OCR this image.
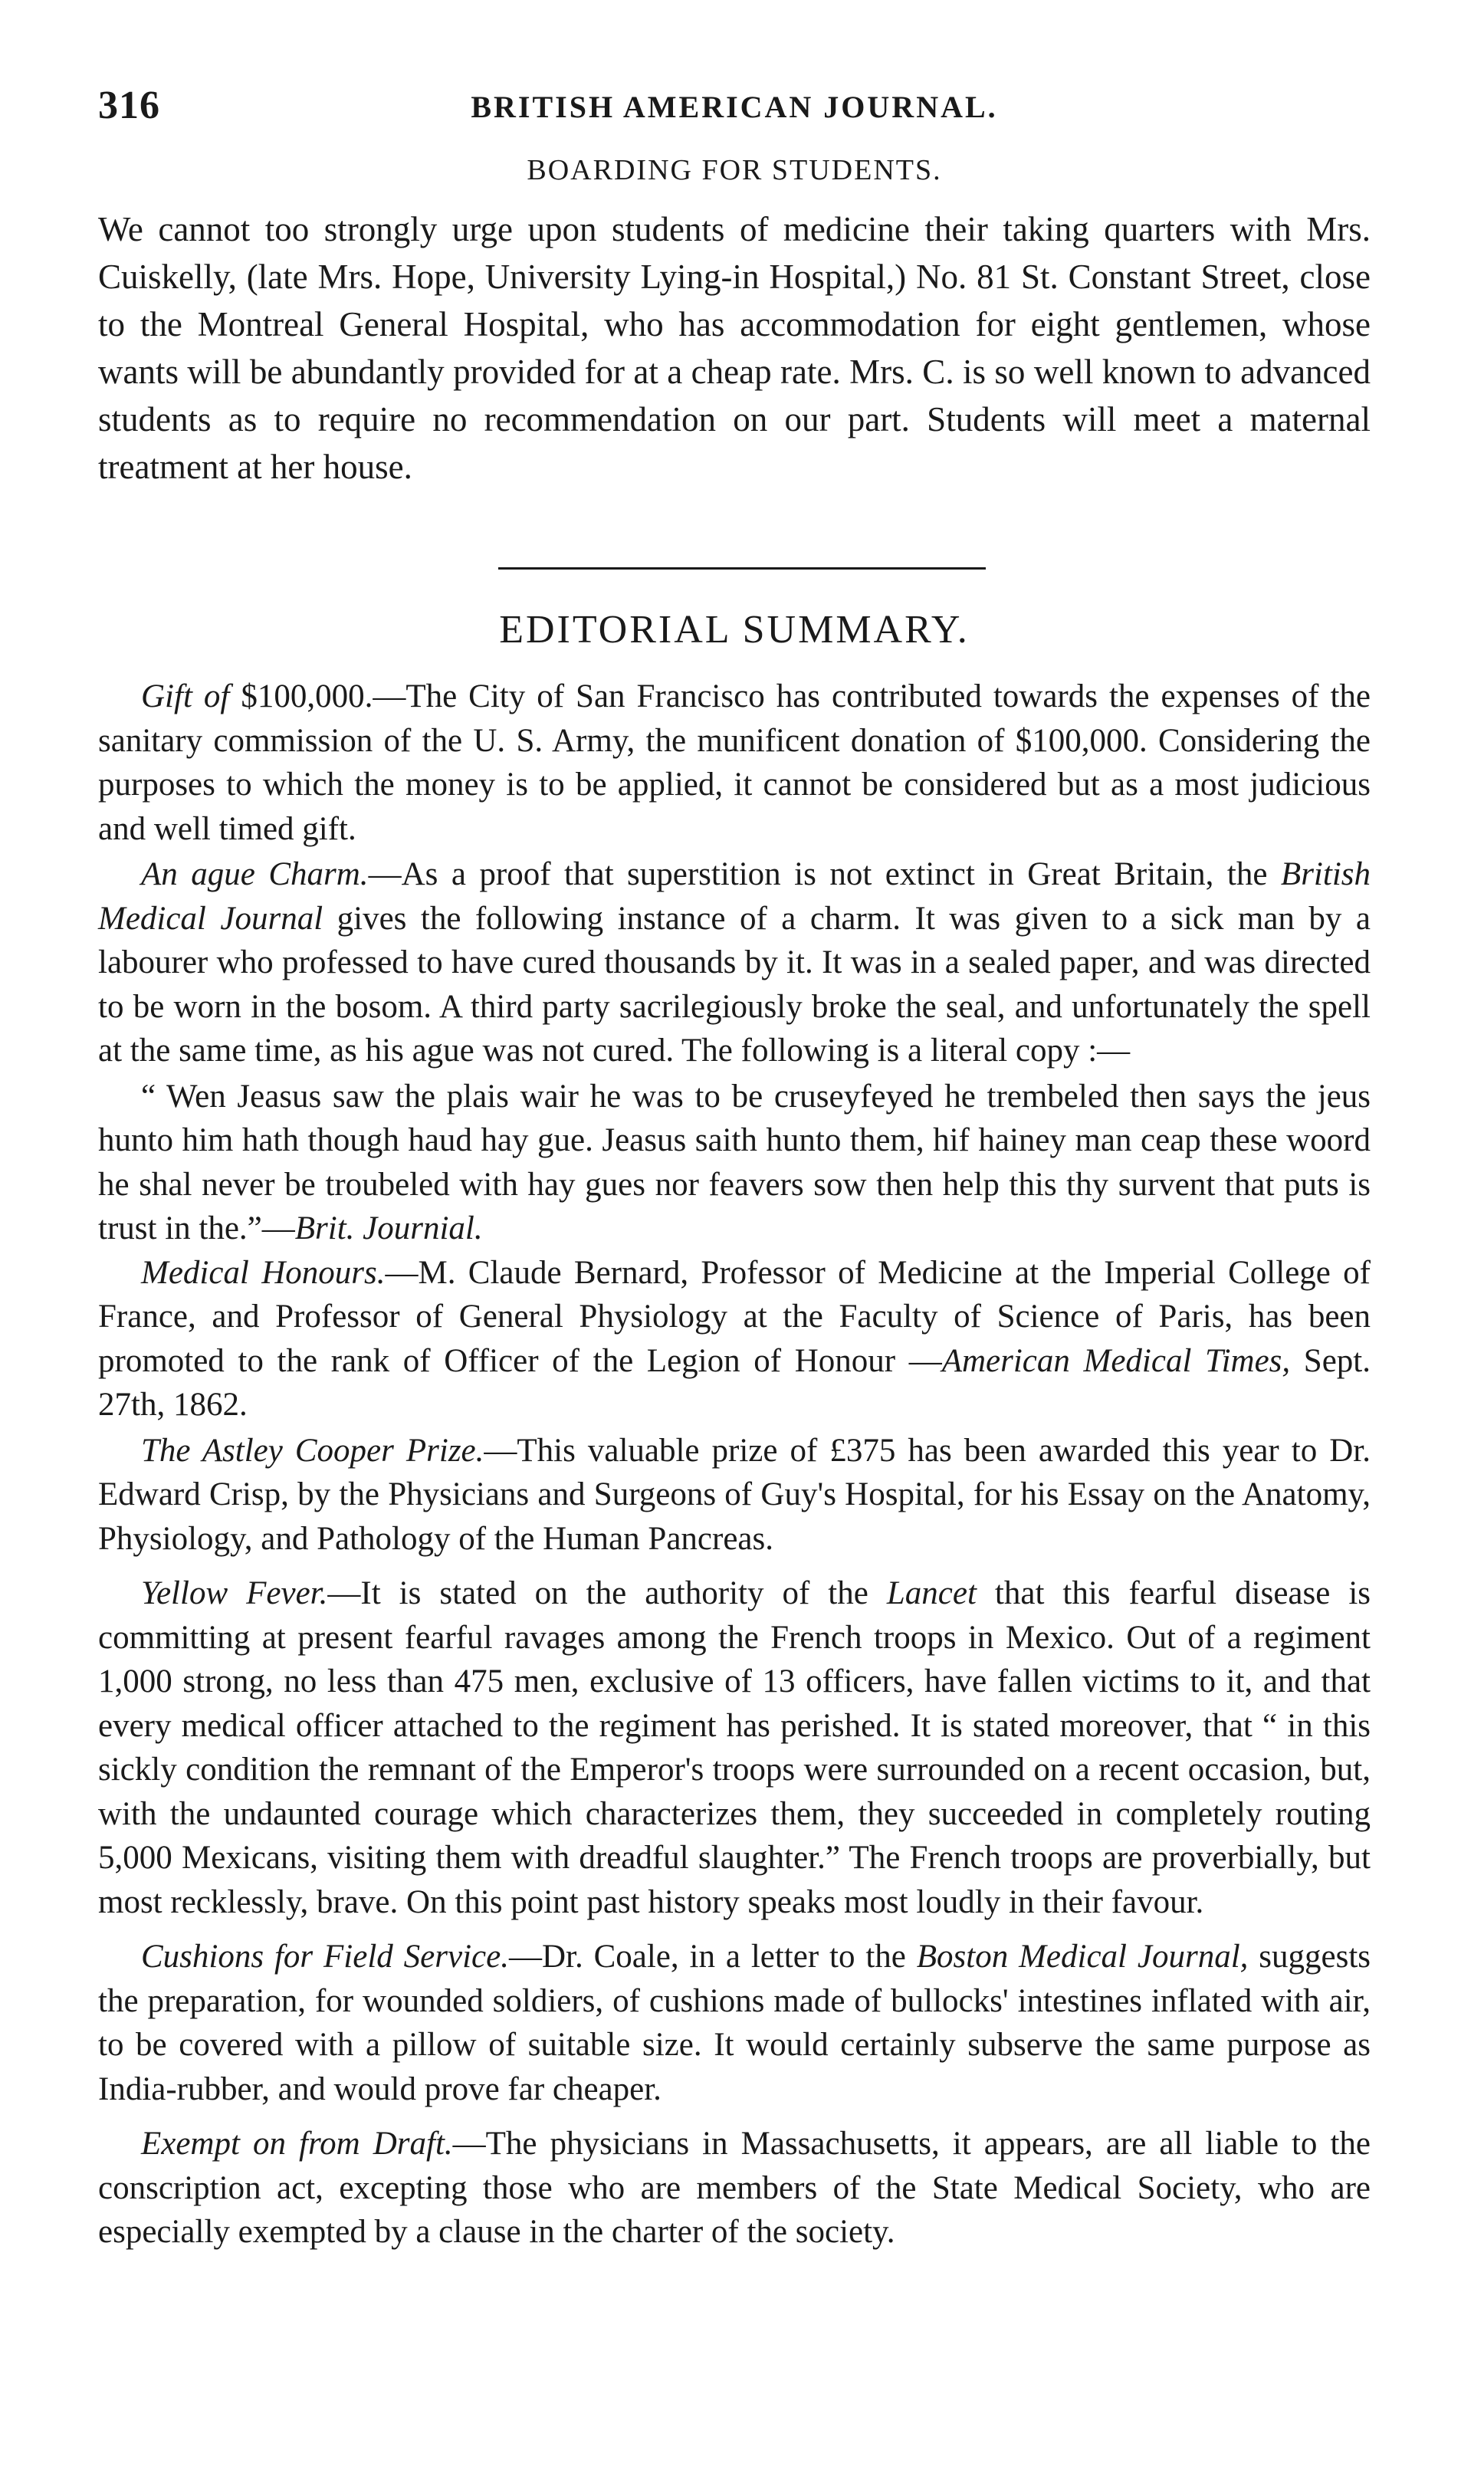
316	BRITISH AMERICAN JOURNAL.
BOARDING FOR STUDENTS.
We cannot too strongly urge upon students of medicine their taking quarters with Mrs. Cuiskelly, (late Mrs. Hope, University Lying-in Hospital,) No. 81 St. Constant Street, close to the Montreal General Hospital, who has accommodation for eight gentlemen, whose wants will be abundantly provided for at a cheap rate. Mrs. C. is so well known to advanced students as to require no recommendation on our part. Students will meet a maternal treatment at her house.
EDITORIAL SUMMARY.

Gift of $100,000.—The City of San Francisco has contributed towards the expenses of the sanitary commission of the U. S. Army, the munificent donation of $100,000. Considering the purposes to which the money is to be applied, it cannot be considered but as a most judicious and well timed gift.

An ague Charm.—As a proof that superstition is not extinct in Great Britain, the British Medical Journal gives the following instance of a charm. It was given to a sick man by a labourer who professed to have cured thousands by it. It was in a sealed paper, and was directed to be worn in the bosom. A third party sacrilegiously broke the seal, and unfortunately the spell at the same time, as his ague was not cured. The following is a literal copy :—

“ Wen Jeasus saw the plais wair he was to be cruseyfeyed he trembeled then says the jeus hunto him hath though haud hay gue. Jeasus saith hunto them, hif hainey man ceap these woord he shal never be troubeled with hay gues nor feavers sow then help this thy survent that puts is trust in the.”—Brit. Journial.

Medical Honours.—M. Claude Bernard, Professor of Medicine at the Imperial College of France, and Professor of General Physiology at the Faculty of Science of Paris, has been promoted to the rank of Officer of the Legion of Honour —American Medical Times, Sept. 27th, 1862.

The Astley Cooper Prize.—This valuable prize of £375 has been awarded this year to Dr. Edward Crisp, by the Physicians and Surgeons of Guy's Hospital, for his Essay on the Anatomy, Physiology, and Pathology of the Human Pancreas.

Yellow Fever.—It is stated on the authority of the Lancet that this fearful disease is committing at present fearful ravages among the French troops in Mexico. Out of a regiment 1,000 strong, no less than 475 men, exclusive of 13 officers, have fallen victims to it, and that every medical officer attached to the regiment has perished. It is stated moreover, that “ in this sickly condition the remnant of the Emperor's troops were surrounded on a recent occasion, but, with the undaunted courage which characterizes them, they succeeded in completely routing 5,000 Mexicans, visiting them with dreadful slaughter.” The French troops are proverbially, but most recklessly, brave. On this point past history speaks most loudly in their favour.

Cushions for Field Service.—Dr. Coale, in a letter to the Boston Medical Journal, suggests the preparation, for wounded soldiers, of cushions made of bullocks' intestines inflated with air, to be covered with a pillow of suitable size. It would certainly subserve the same purpose as India-rubber, and would prove far cheaper.

Exempt on from Draft.—The physicians in Massachusetts, it appears, are all liable to the conscription act, excepting those who are members of the State Medical Society, who are especially exempted by a clause in the charter of the society.
